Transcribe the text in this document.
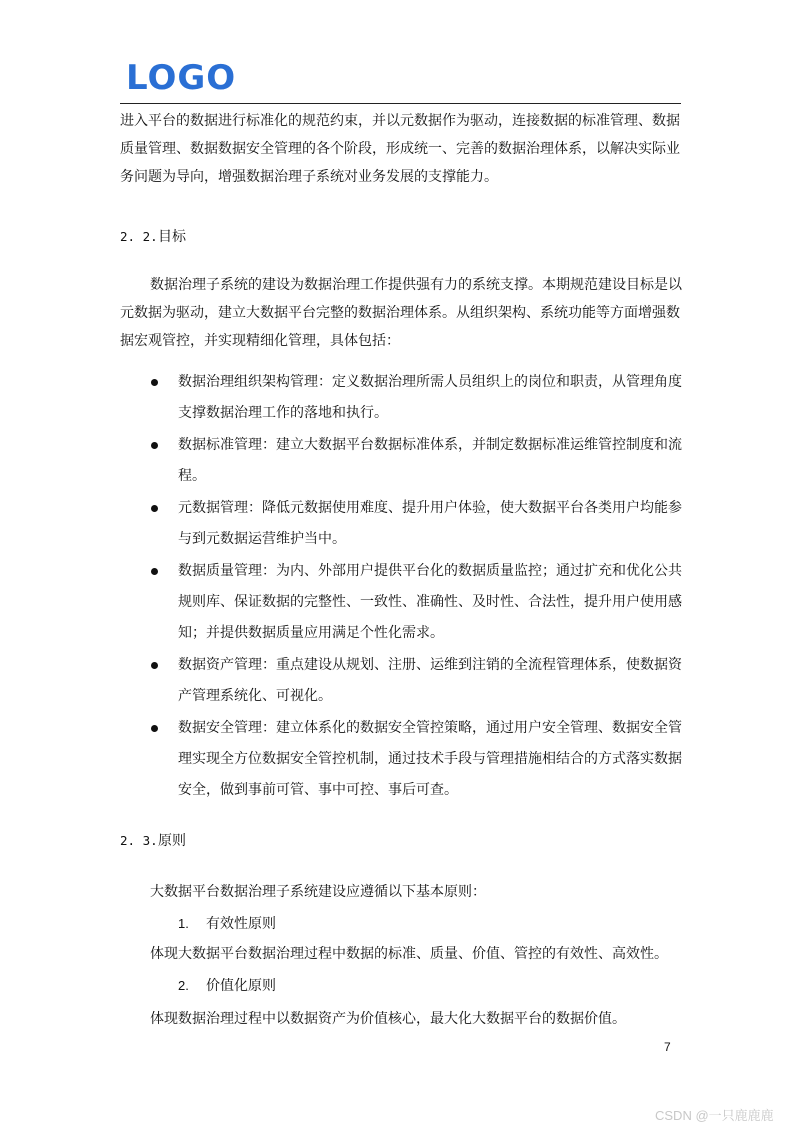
LOGO

进入平台的数据进行标准化的规范约束，并以元数据作为驱动，连接数据的标准管理、数据质量管理、数据数据安全管理的各个阶段，形成统一、完善的数据治理体系，以解决实际业务问题为导向，增强数据治理子系统对业务发展的支撑能力。

2. 2.目标

数据治理子系统的建设为数据治理工作提供强有力的系统支撑。本期规范建设目标是以元数据为驱动，建立大数据平台完整的数据治理体系。从组织架构、系统功能等方面增强数据宏观管控，并实现精细化管理，具体包括：

数据治理组织架构管理：定义数据治理所需人员组织上的岗位和职责，从管理角度支撑数据治理工作的落地和执行。
数据标准管理：建立大数据平台数据标准体系，并制定数据标准运维管控制度和流程。
元数据管理：降低元数据使用难度、提升用户体验，使大数据平台各类用户均能参与到元数据运营维护当中。
数据质量管理：为内、外部用户提供平台化的数据质量监控；通过扩充和优化公共规则库、保证数据的完整性、一致性、准确性、及时性、合法性，提升用户使用感知；并提供数据质量应用满足个性化需求。
数据资产管理：重点建设从规划、注册、运维到注销的全流程管理体系，使数据资产管理系统化、可视化。
数据安全管理：建立体系化的数据安全管控策略，通过用户安全管理、数据安全管理实现全方位数据安全管控机制，通过技术手段与管理措施相结合的方式落实数据安全，做到事前可管、事中可控、事后可查。
2. 3.原则

大数据平台数据治理子系统建设应遵循以下基本原则：

1. 有效性原则

体现大数据平台数据治理过程中数据的标准、质量、价值、管控的有效性、高效性。

2. 价值化原则

体现数据治理过程中以数据资产为价值核心，最大化大数据平台的数据价值。

7
CSDN @一只鹿鹿鹿
